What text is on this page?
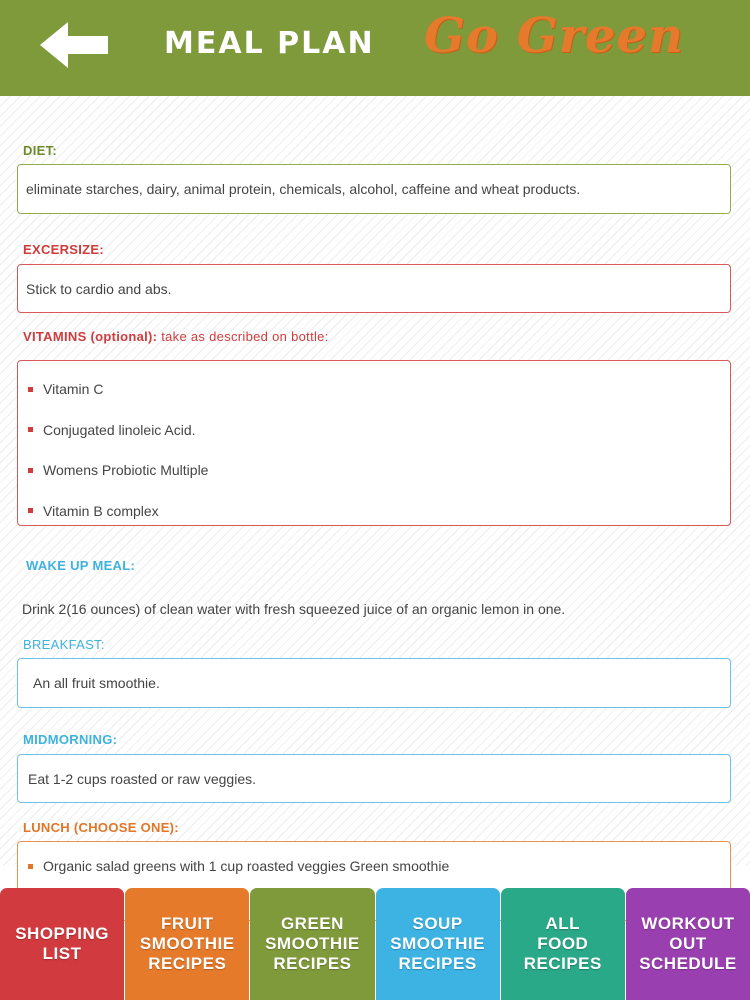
MEAL PLAN Go Green
DIET:
eliminate starches, dairy, animal protein, chemicals, alcohol, caffeine and wheat products.
EXCERSIZE:
Stick to cardio and abs.
VITAMINS (optional): take as described on bottle:
Vitamin C
Conjugated linoleic Acid.
Womens Probiotic Multiple
Vitamin B complex
WAKE UP MEAL:
Drink 2(16 ounces) of clean water with fresh squeezed juice of an organic lemon in one.
BREAKFAST:
An all fruit smoothie.
MIDMORNING:
Eat 1-2 cups roasted or raw veggies.
LUNCH (CHOOSE ONE):
Organic salad greens with 1 cup roasted veggies Green smoothie
SHOPPING
LIST
FRUIT
SMOOTHIE
RECIPES
GREEN
SMOOTHIE
RECIPES
SOUP
SMOOTHIE
RECIPES
ALL
FOOD
RECIPES
WORKOUT
OUT
SCHEDULE
